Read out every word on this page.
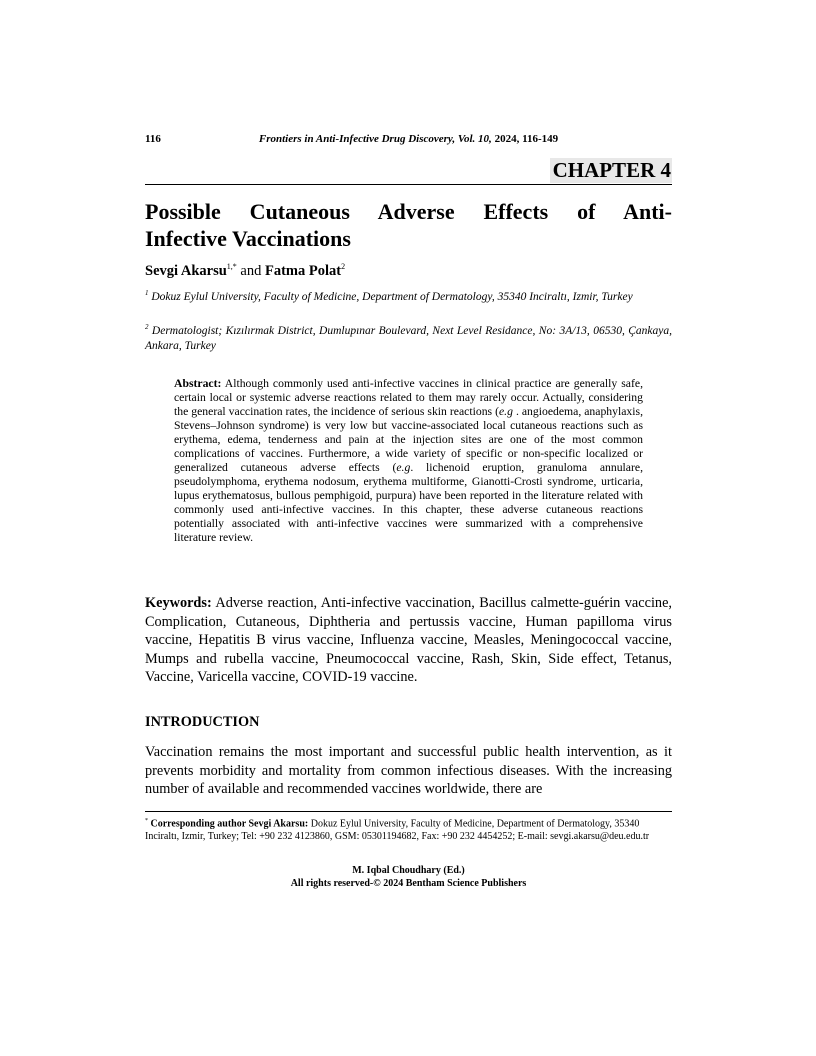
116	Frontiers in Anti-Infective Drug Discovery, Vol. 10, 2024, 116-149
CHAPTER 4
Possible Cutaneous Adverse Effects of Anti-
Infective Vaccinations
Sevgi Akarsu$^{1,*}$ and Fatma Polat$^2$
$^1$ Dokuz Eylul University, Faculty of Medicine, Department of Dermatology, 35340 Inciraltı, Izmir, Turkey
$^2$ Dermatologist; Kızılırmak District, Dumlupınar Boulevard, Next Level Residance, No: 3A/13, 06530, Çankaya, Ankara, Turkey

Abstract: Although commonly used anti-infective vaccines in clinical practice are generally safe, certain local or systemic adverse reactions related to them may rarely occur. Actually, considering the general vaccination rates, the incidence of serious skin reactions (e.g . angioedema, anaphylaxis, Stevens–Johnson syndrome) is very low but vaccine-associated local cutaneous reactions such as erythema, edema, tenderness and pain at the injection sites are one of the most common complications of vaccines. Furthermore, a wide variety of specific or non-specific localized or generalized cutaneous adverse effects (e.g. lichenoid eruption, granuloma annulare, pseudolymphoma, erythema nodosum, erythema multiforme, Gianotti-Crosti syndrome, urticaria, lupus erythematosus, bullous pemphigoid, purpura) have been reported in the literature related with commonly used anti-infective vaccines. In this chapter, these adverse cutaneous reactions potentially associated with anti-infective vaccines were summarized with a comprehensive literature review.

Keywords: Adverse reaction, Anti-infective vaccination, Bacillus calmette-guérin vaccine, Complication, Cutaneous, Diphtheria and pertussis vaccine, Human papilloma virus vaccine, Hepatitis B virus vaccine, Influenza vaccine, Measles, Meningococcal vaccine, Mumps and rubella vaccine, Pneumococcal vaccine, Rash, Skin, Side effect, Tetanus, Vaccine, Varicella vaccine, COVID-19 vaccine.

INTRODUCTION

Vaccination remains the most important and successful public health intervention, as it prevents morbidity and mortality from common infectious diseases. With the increasing number of available and recommended vaccines worldwide, there are

* Corresponding author Sevgi Akarsu: Dokuz Eylul University, Faculty of Medicine, Department of Dermatology, 35340 Inciraltı, Izmir, Turkey; Tel: +90 232 4123860, GSM: 05301194682, Fax: +90 232 4454252; E-mail: sevgi.akarsu@deu.edu.tr

M. Iqbal Choudhary (Ed.)
All rights reserved-© 2024 Bentham Science Publishers
